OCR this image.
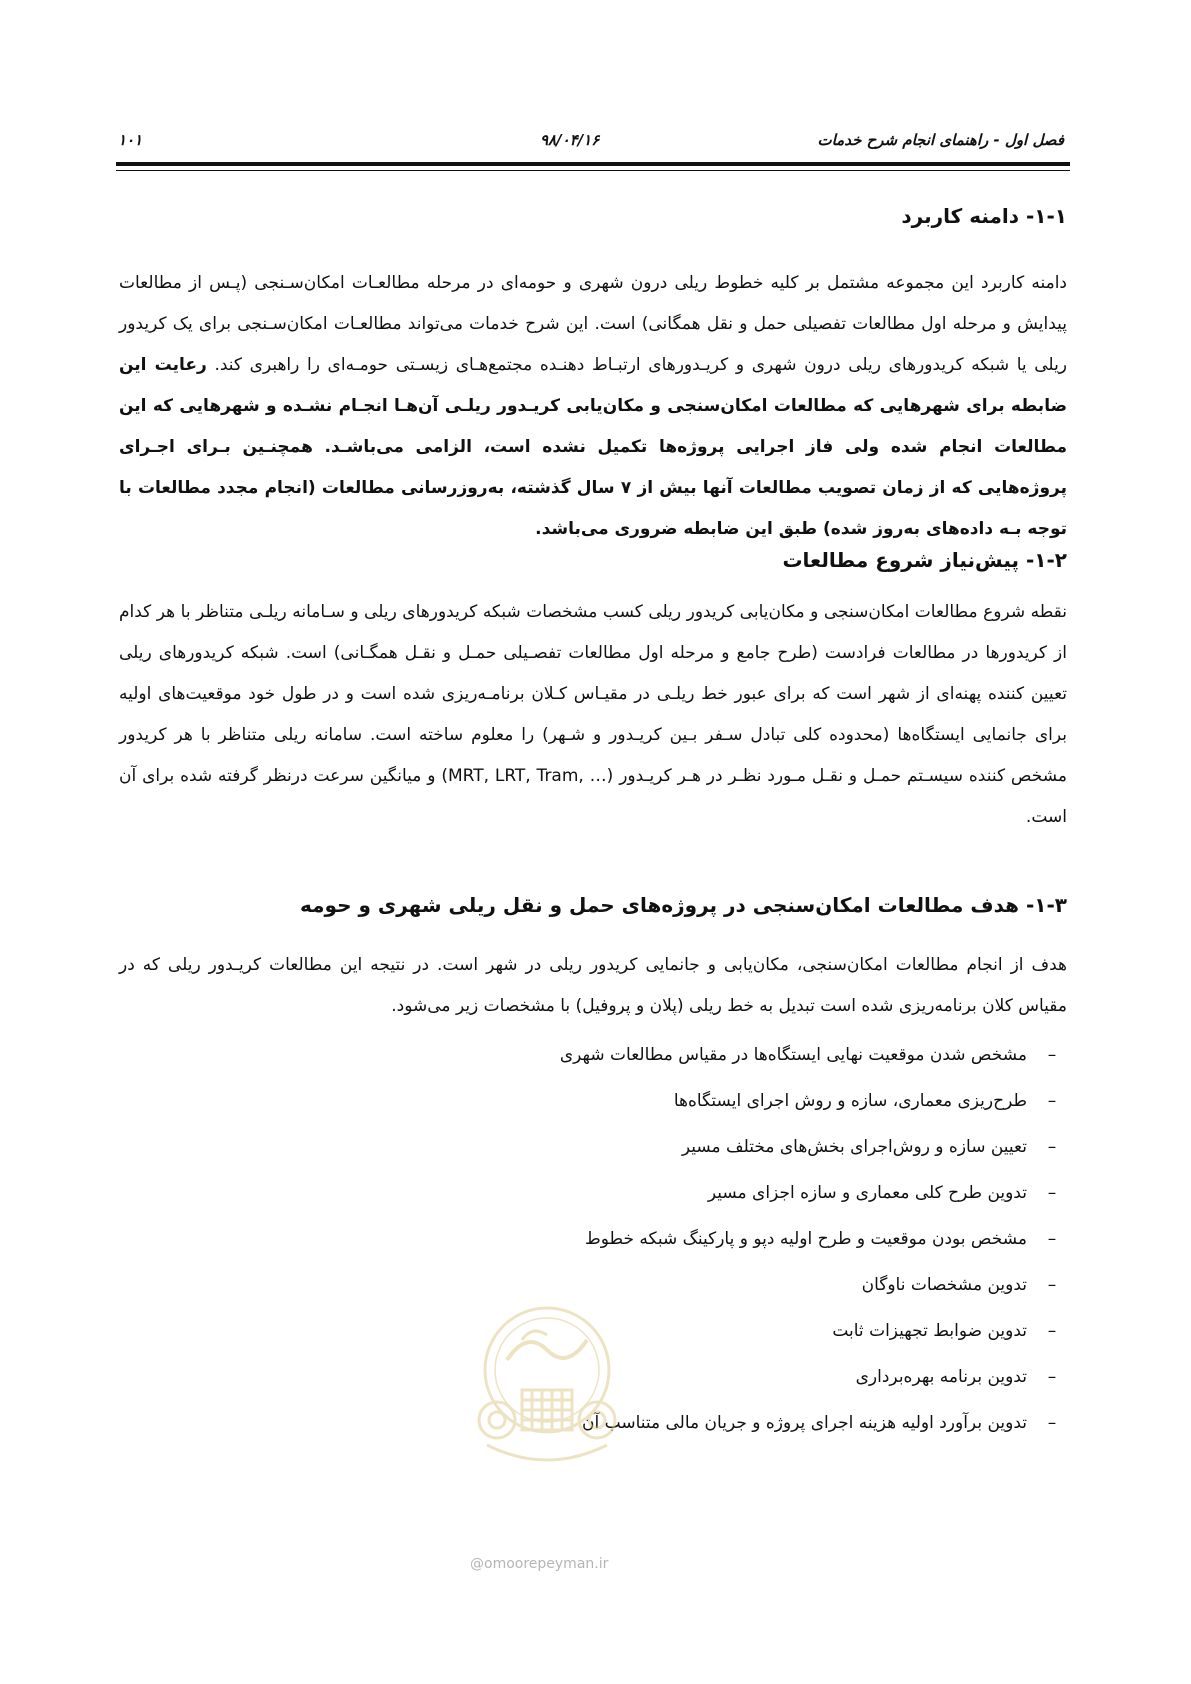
فصل اول - راهنمای انجام شرح خدمات
۹۸/۰۴/۱۶
۱۰۱
۱-۱- دامنه کاربرد
دامنه کاربرد این مجموعه مشتمل بر کلیه خطوط ریلی درون شهری و حومه‌ای در مرحله مطالعـات امکان‌سـنجی (پـس از مطالعات پیدایش و مرحله اول مطالعات تفصیلی حمل و نقل همگانی) است. این شرح خدمات می‌تواند مطالعـات امکان‌سـنجی برای یک کریدور ریلی یا شبکه کریدورهای ریلی درون شهری و کریـدورهای ارتبـاط دهنـده مجتمع‌هـای زیسـتی حومـه‌ای را راهبری کند. رعایت این ضابطه برای شهرهایی که مطالعات امکان‌سنجی و مکان‌یابی کریـدور ریلـی آن‌هـا انجـام نشـده و شهرهایی که این مطالعات انجام شده ولی فاز اجرایی پروژه‌ها تکمیل نشده است، الزامی می‌باشـد. همچنـین بـرای اجـرای پروژه‌هایی که از زمان تصویب مطالعات آنها بیش از ۷ سال گذشته، به‌روزرسانی مطالعات (انجام مجدد مطالعات با توجه بـه داده‌های به‌روز شده) طبق این ضابطه ضروری می‌باشد.
۱-۲- پیش‌نیاز شروع مطالعات
نقطه شروع مطالعات امکان‌سنجی و مکان‌یابی کریدور ریلی کسب مشخصات شبکه کریدورهای ریلی و سـامانه ریلـی متناظر با هر کدام از کریدورها در مطالعات فرادست (طرح جامع و مرحله اول مطالعات تفصـیلی حمـل و نقـل همگـانی) است. شبکه کریدورهای ریلی تعیین کننده پهنه‌ای از شهر است که برای عبور خط ریلـی در مقیـاس کـلان برنامـه‌ریزی شده است و در طول خود موقعیت‌های اولیه برای جانمایی ایستگاه‌ها (محدوده کلی تبادل سـفر بـین کریـدور و شـهر) را معلوم ساخته است. سامانه ریلی متناظر با هر کریدور مشخص کننده سیسـتم حمـل و نقـل مـورد نظـر در هـر کریـدور (MRT, LRT, Tram, …) و میانگین سرعت درنظر گرفته شده برای آن است.
۱-۳- هدف مطالعات امکان‌سنجی در پروژه‌های حمل و نقل ریلی شهری و حومه
هدف از انجام مطالعات امکان‌سنجی، مکان‌یابی و جانمایی کریدور ریلی در شهر است. در نتیجه این مطالعات کریـدور ریلی که در مقیاس کلان برنامه‌ریزی شده است تبدیل به خط ریلی (پلان و پروفیل) با مشخصات زیر می‌شود.
–مشخص شدن موقعیت نهایی ایستگاه‌ها در مقیاس مطالعات شهری
–طرح‌ریزی معماری، سازه و روش اجرای ایستگاه‌ها
–تعیین سازه و روش‌اجرای بخش‌های مختلف مسیر
–تدوین طرح کلی معماری و سازه اجزای مسیر
–مشخص بودن موقعیت و طرح اولیه دپو و پارکینگ شبکه خطوط
–تدوین مشخصات ناوگان
–تدوین ضوابط تجهیزات ثابت
–تدوین برنامه بهره‌برداری
–تدوین برآورد اولیه هزینه اجرای پروژه و جریان مالی متناسب آن
@omoorepeyman.ir
